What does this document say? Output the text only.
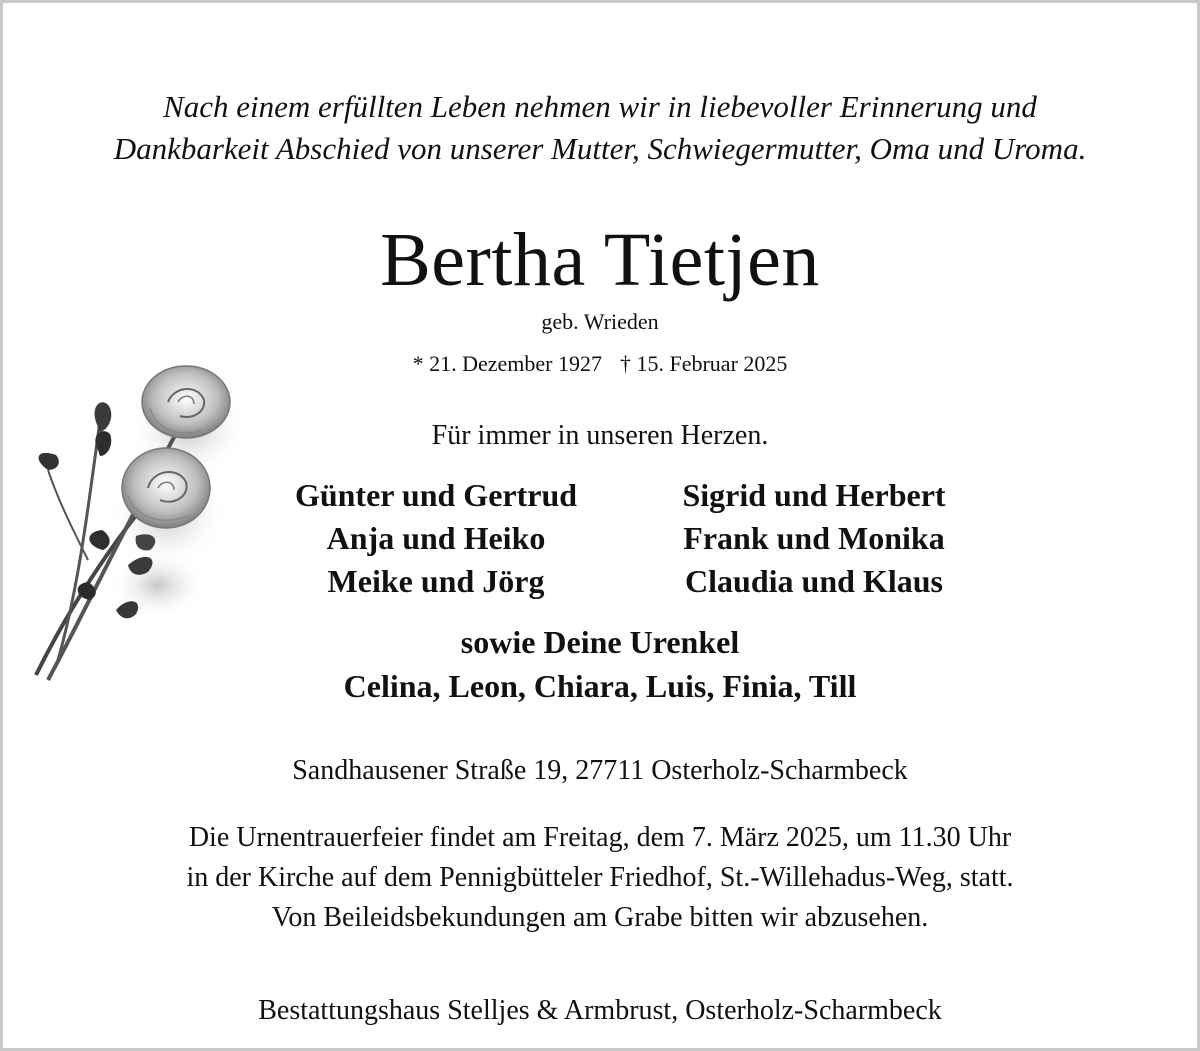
Nach einem erfüllten Leben nehmen wir in liebevoller Erinnerung und
Dankbarkeit Abschied von unserer Mutter, Schwiegermutter, Oma und Uroma.
Bertha Tietjen
geb. Wrieden
* 21. Dezember 1927 † 15. Februar 2025
Für immer in unseren Herzen.
Günter und Gertrud
Anja und Heiko
Meike und Jörg
Sigrid und Herbert
Frank und Monika
Claudia und Klaus
sowie Deine Urenkel
Celina, Leon, Chiara, Luis, Finia, Till
Sandhausener Straße 19, 27711 Osterholz-Scharmbeck
Die Urnentrauerfeier findet am Freitag, dem 7. März 2025, um 11.30 Uhr
in der Kirche auf dem Pennigbütteler Friedhof, St.-Willehadus-Weg, statt.
Von Beileidsbekundungen am Grabe bitten wir abzusehen.
Bestattungshaus Stelljes & Armbrust, Osterholz-Scharmbeck
